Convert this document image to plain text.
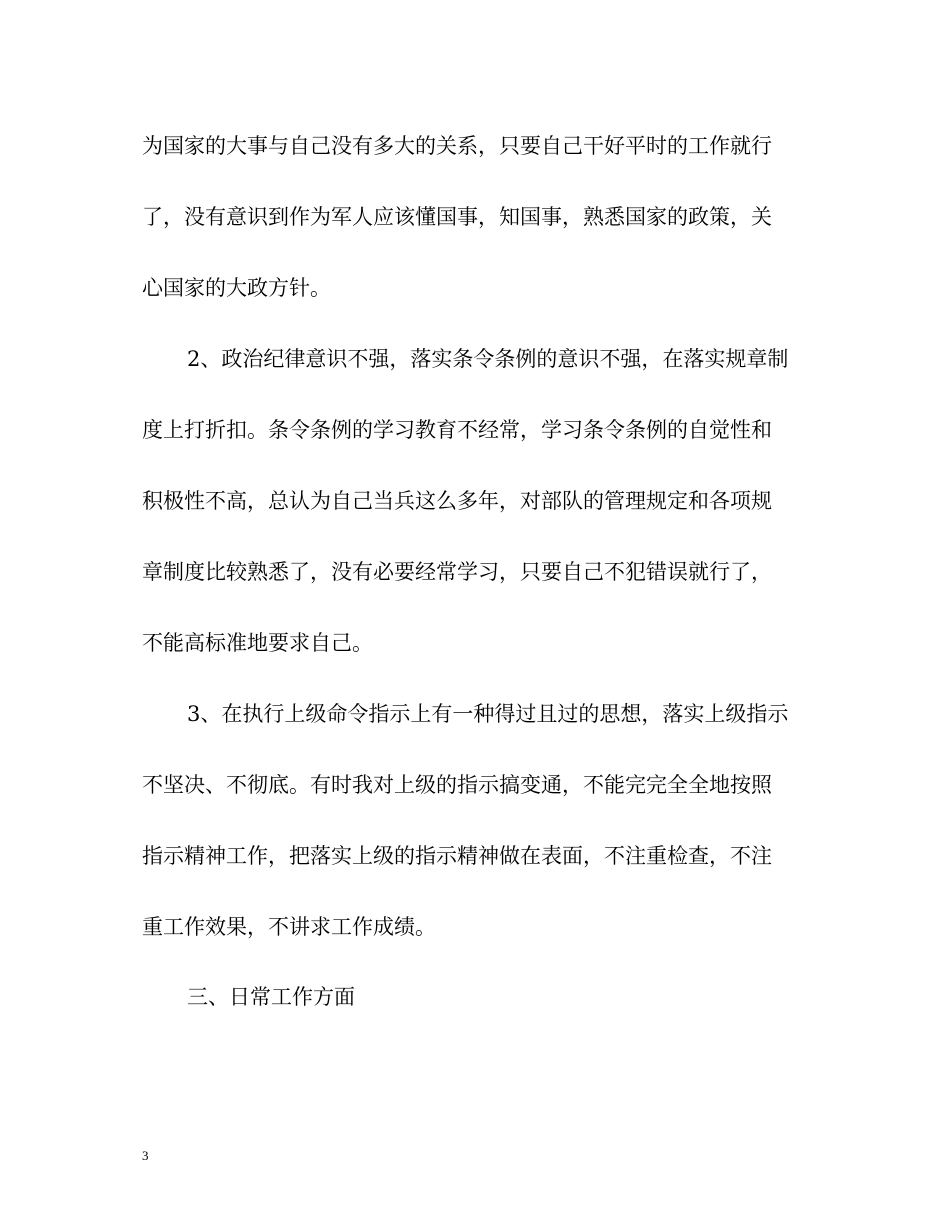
为国家的大事与自己没有多大的关系，只要自己干好平时的工作就行
了，没有意识到作为军人应该懂国事，知国事，熟悉国家的政策，关
心国家的大政方针。
2、政治纪律意识不强，落实条令条例的意识不强，在落实规章制
度上打折扣。条令条例的学习教育不经常，学习条令条例的自觉性和
积极性不高，总认为自己当兵这么多年，对部队的管理规定和各项规
章制度比较熟悉了，没有必要经常学习，只要自己不犯错误就行了，
不能高标准地要求自己。
3、在执行上级命令指示上有一种得过且过的思想，落实上级指示
不坚决、不彻底。有时我对上级的指示搞变通，不能完完全全地按照
指示精神工作，把落实上级的指示精神做在表面，不注重检查，不注
重工作效果，不讲求工作成绩。
三、日常工作方面
3
